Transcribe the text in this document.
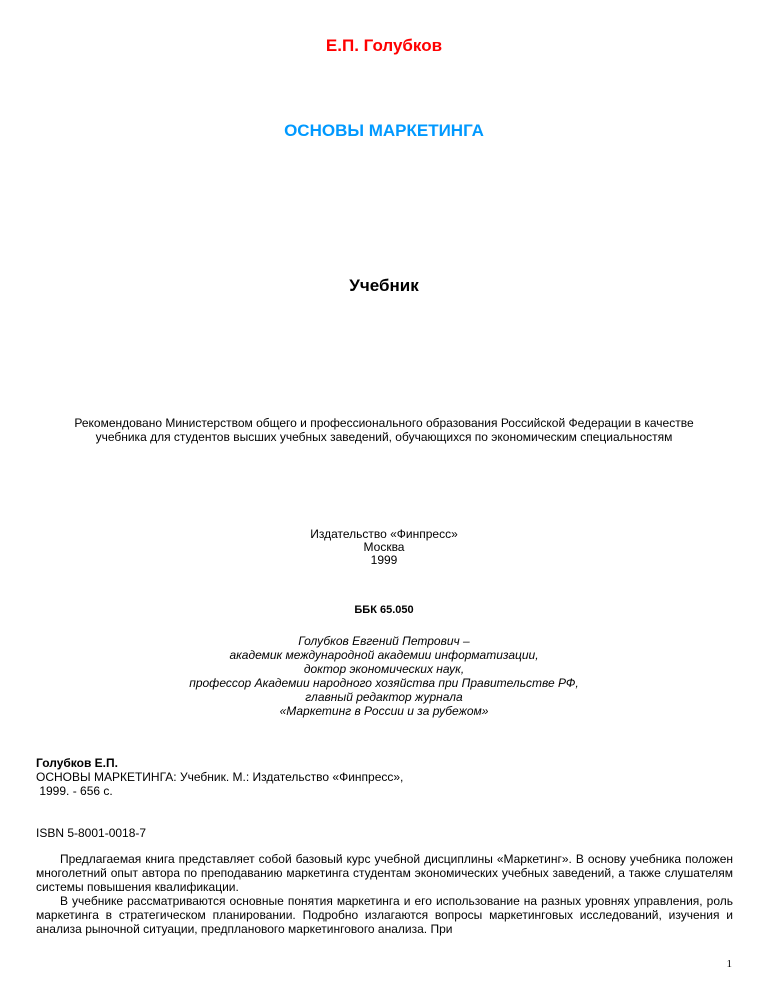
Е.П. Голубков
ОСНОВЫ МАРКЕТИНГА
Учебник
Рекомендовано Министерством общего и профессионального образования Российской Федерации в качестве
учебника для студентов высших учебных заведений, обучающихся по экономическим специальностям
Издательство «Финпресс»
Москва
1999
ББК 65.050
Голубков Евгений Петрович –
академик международной академии информатизации,
доктор экономических наук,
профессор Академии народного хозяйства при Правительстве РФ,
главный редактор журнала
«Маркетинг в России и за рубежом»
Голубков Е.П.
ОСНОВЫ МАРКЕТИНГА: Учебник. М.: Издательство «Финпресс»,
1999. - 656 с.
ISBN 5-8001-0018-7

Предлагаемая книга представляет собой базовый курс учебной дисциплины «Маркетинг». В основу учебника положен многолетний опыт автора по преподаванию маркетинга студентам экономических учебных заведений, а также слушателям системы повышения квалификации.

В учебнике рассматриваются основные понятия маркетинга и его использование на разных уровнях управления, роль маркетинга в стратегическом планировании. Подробно излагаются вопросы маркетинговых исследований, изучения и анализа рыночной ситуации, предпланового маркетингового анализа. При

1
